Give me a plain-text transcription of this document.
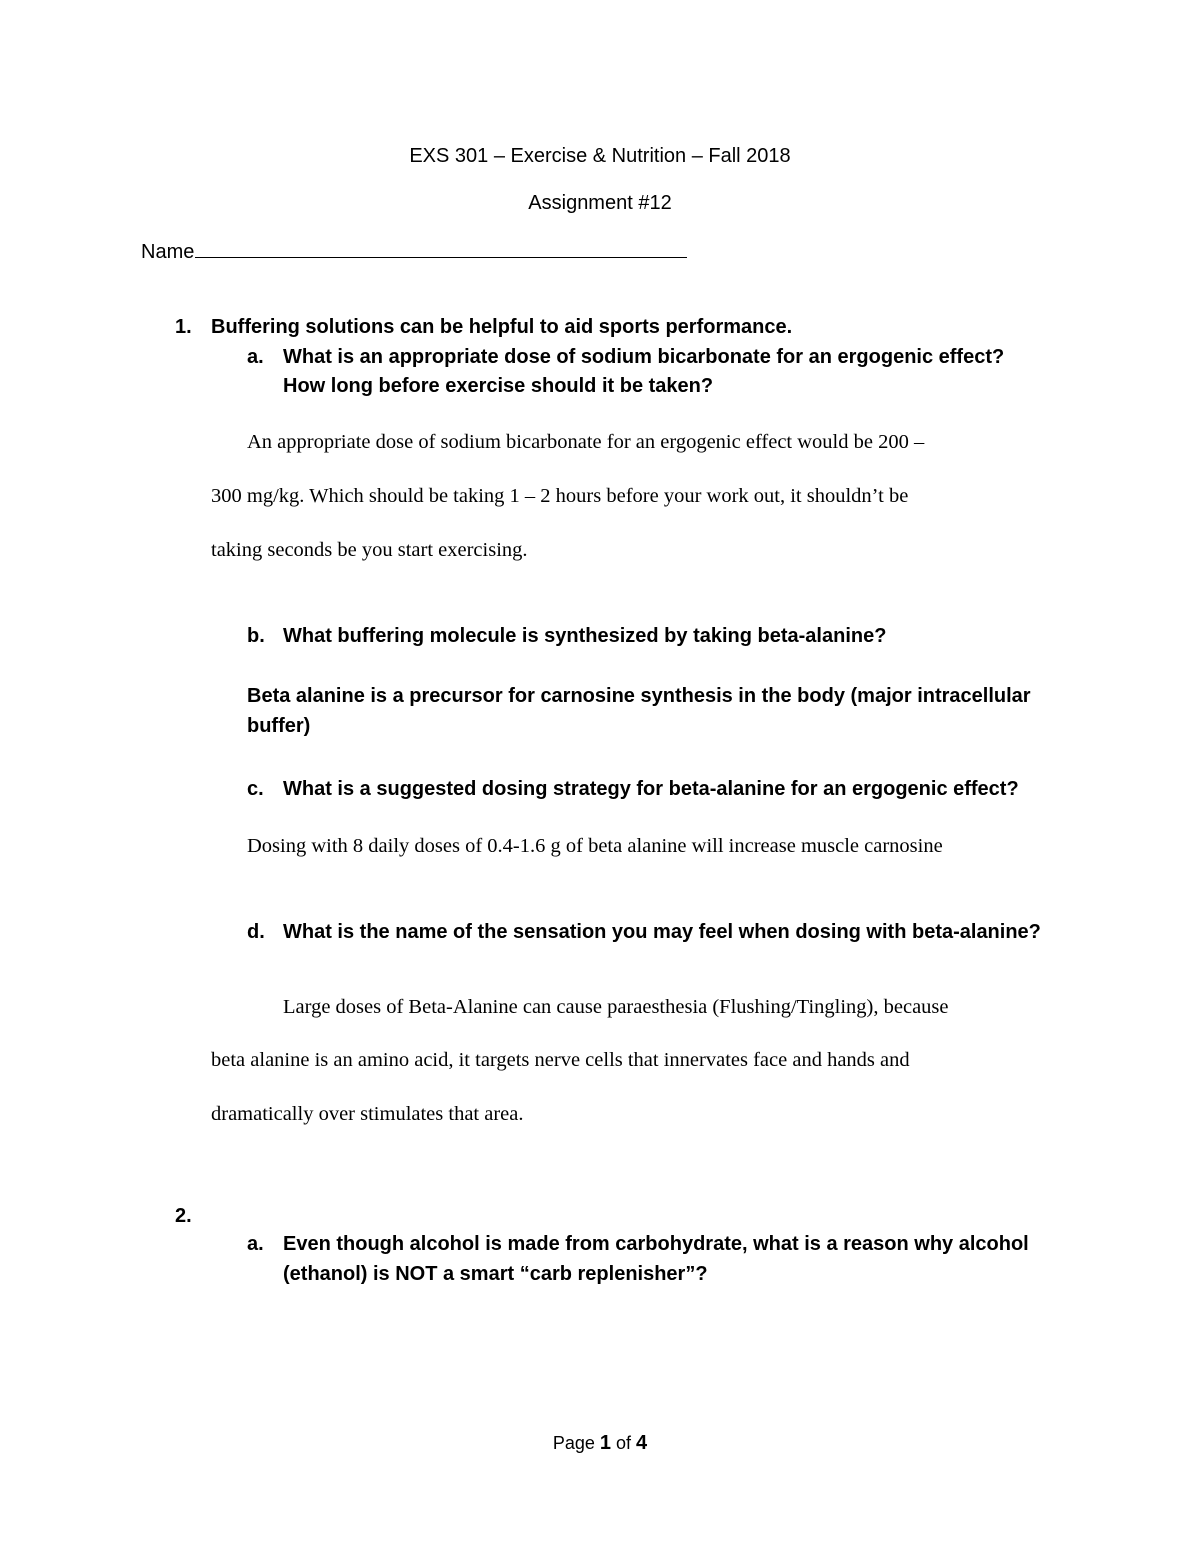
EXS 301 – Exercise & Nutrition – Fall 2018
Assignment #12
Name
1. Buffering solutions can be helpful to aid sports performance.
a. What is an appropriate dose of sodium bicarbonate for an ergogenic effect?
How long before exercise should it be taken?
An appropriate dose of sodium bicarbonate for an ergogenic effect would be 200 –
300 mg/kg. Which should be taking 1 – 2 hours before your work out, it shouldn’t be
taking seconds be you start exercising.
b. What buffering molecule is synthesized by taking beta-alanine?
Beta alanine is a precursor for carnosine synthesis in the body (major intracellular
buffer)
c. What is a suggested dosing strategy for beta-alanine for an ergogenic effect?
Dosing with 8 daily doses of 0.4-1.6 g of beta alanine will increase muscle carnosine
d. What is the name of the sensation you may feel when dosing with beta-alanine?
Large doses of Beta-Alanine can cause paraesthesia (Flushing/Tingling), because
beta alanine is an amino acid, it targets nerve cells that innervates face and hands and
dramatically over stimulates that area.
2.
a. Even though alcohol is made from carbohydrate, what is a reason why alcohol
(ethanol) is NOT a smart “carb replenisher”?
Page 1 of 4
